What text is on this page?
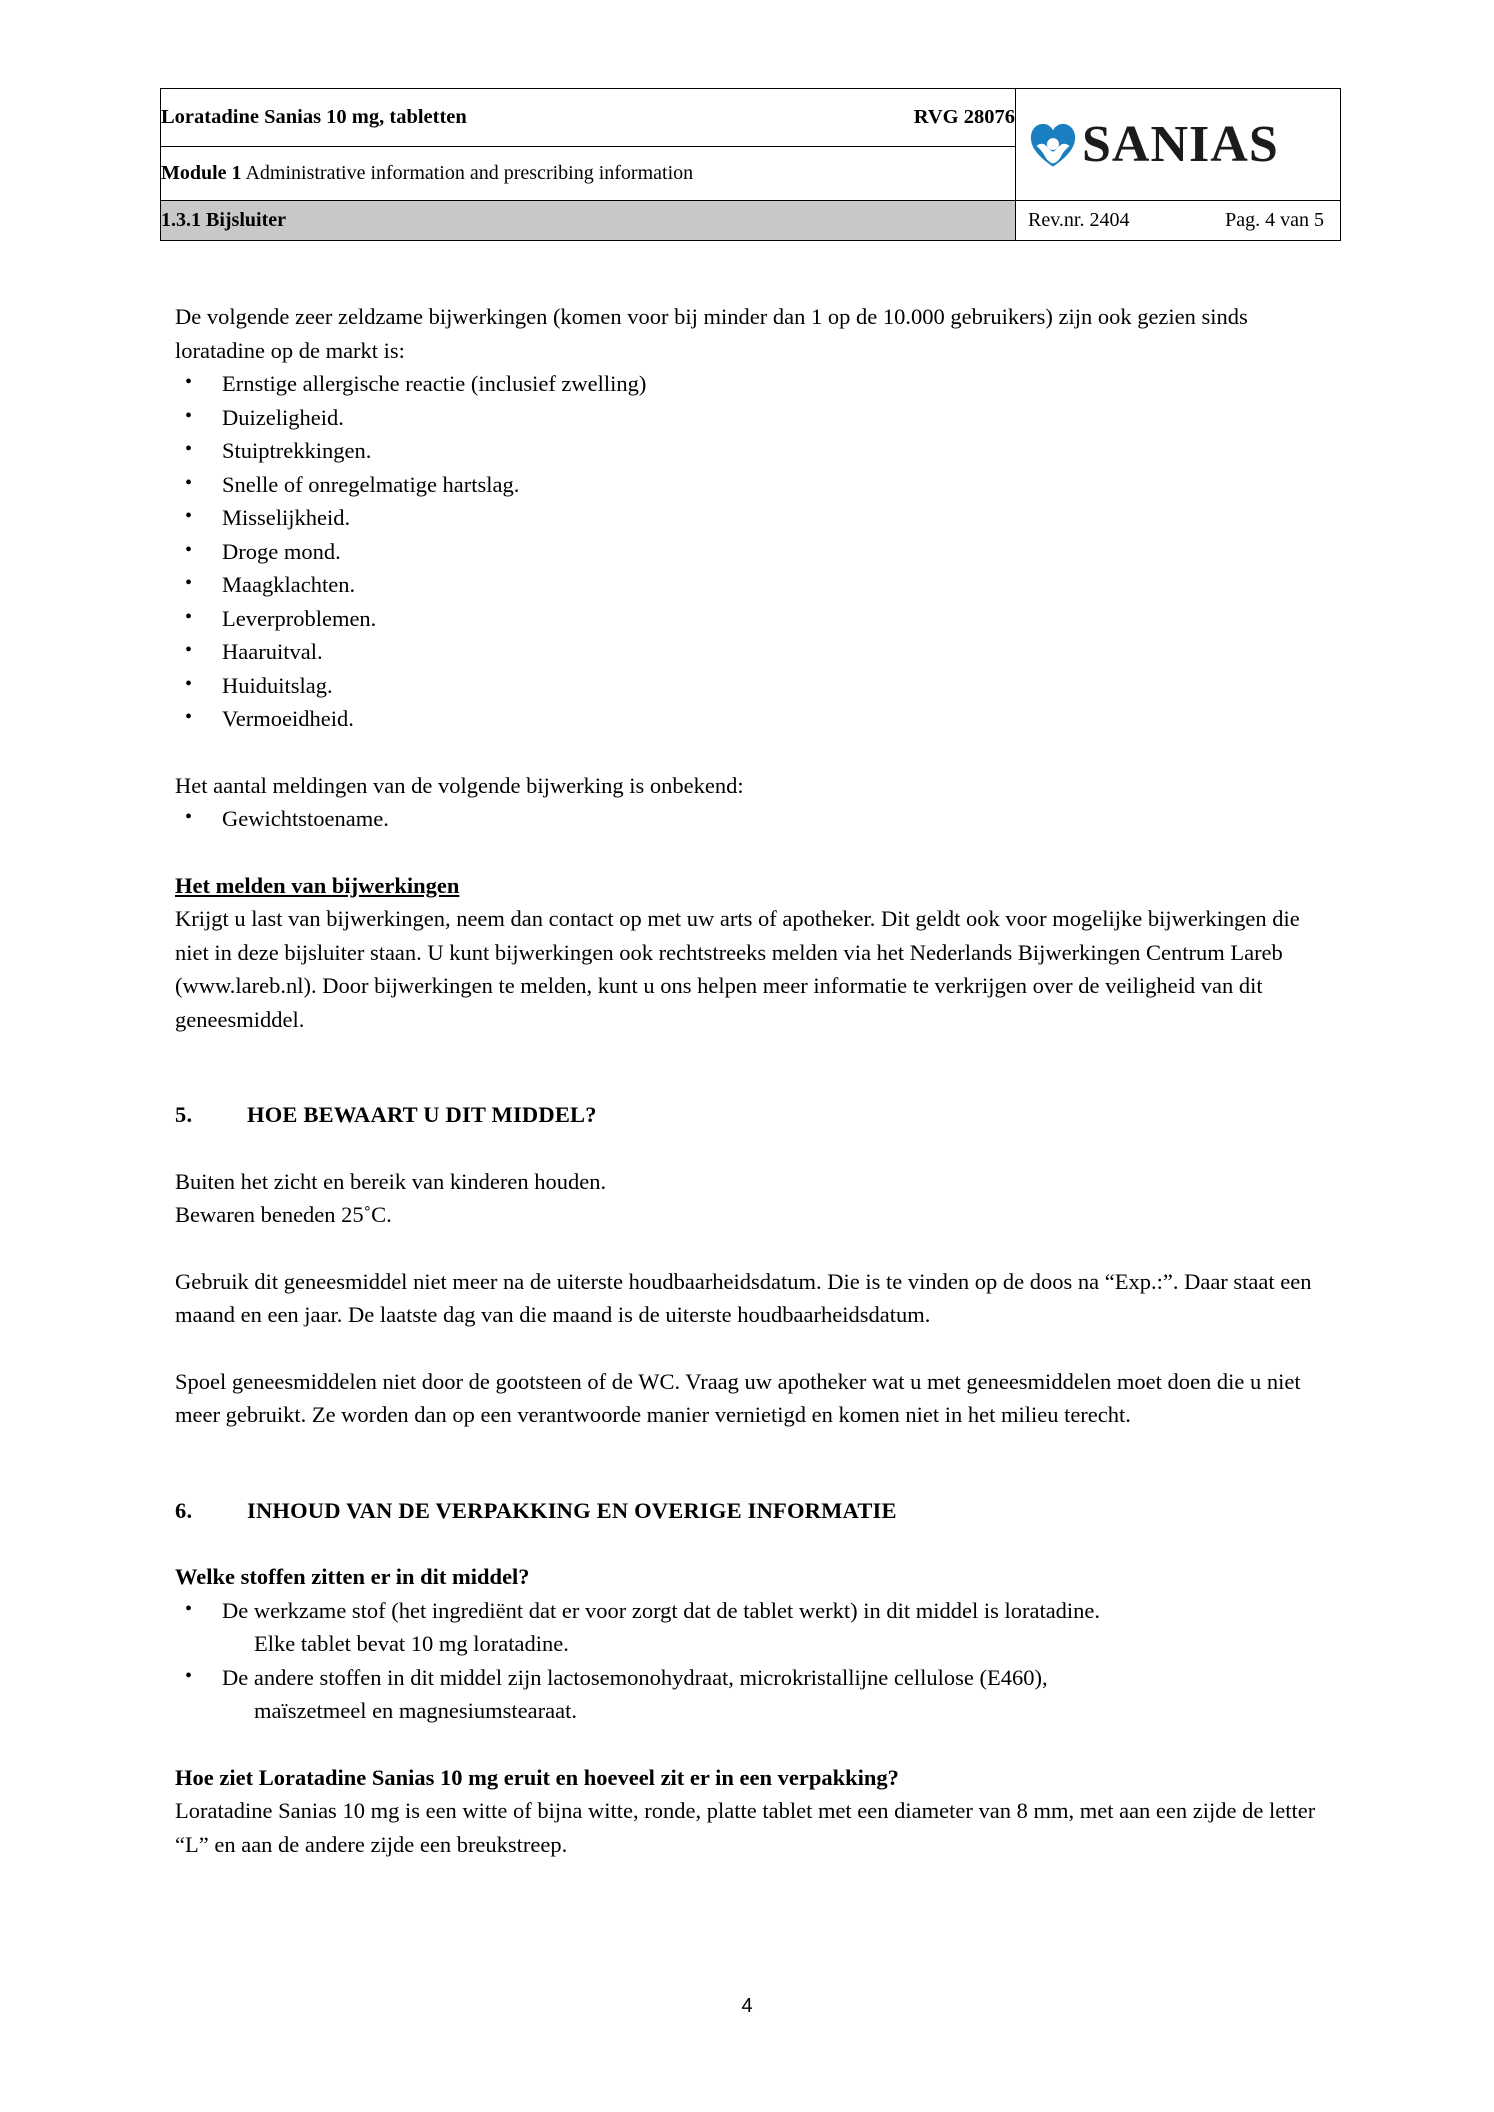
Loratadine Sanias 10 mg, tabletten RVG 28076	SANIAS

Module 1 Administrative information and prescribing information	

1.3.1 Bijsluiter	Rev.nr. 2404 Pag. 4 van 5

De volgende zeer zeldzame bijwerkingen (komen voor bij minder dan 1 op de 10.000 gebruikers) zijn ook gezien sinds loratadine op de markt is:

• Ernstige allergische reactie (inclusief zwelling)
• Duizeligheid.
• Stuiptrekkingen.
• Snelle of onregelmatige hartslag.
• Misselijkheid.
• Droge mond.
• Maagklachten.
• Leverproblemen.
• Haaruitval.
• Huiduitslag.
• Vermoeidheid.

Het aantal meldingen van de volgende bijwerking is onbekend:

• Gewichtstoename.
Het melden van bijwerkingen

Krijgt u last van bijwerkingen, neem dan contact op met uw arts of apotheker. Dit geldt ook voor mogelijke bijwerkingen die niet in deze bijsluiter staan. U kunt bijwerkingen ook rechtstreeks melden via het Nederlands Bijwerkingen Centrum Lareb (www.lareb.nl). Door bijwerkingen te melden, kunt u ons helpen meer informatie te verkrijgen over de veiligheid van dit geneesmiddel.

5.	HOE BEWAART U DIT MIDDEL?

Buiten het zicht en bereik van kinderen houden.

Bewaren beneden 25˚C.

Gebruik dit geneesmiddel niet meer na de uiterste houdbaarheidsdatum. Die is te vinden op de doos na “Exp.:”. Daar staat een maand en een jaar. De laatste dag van die maand is de uiterste houdbaarheidsdatum.

Spoel geneesmiddelen niet door de gootsteen of de WC. Vraag uw apotheker wat u met geneesmiddelen moet doen die u niet meer gebruikt. Ze worden dan op een verantwoorde manier vernietigd en komen niet in het milieu terecht.

6.	INHOUD VAN DE VERPAKKING EN OVERIGE INFORMATIE
Welke stoffen zitten er in dit middel?
• De werkzame stof (het ingrediënt dat er voor zorgt dat de tablet werkt) in dit middel is loratadine.
Elke tablet bevat 10 mg loratadine.
• De andere stoffen in dit middel zijn lactosemonohydraat, microkristallijne cellulose (E460),
maïszetmeel en magnesiumstearaat.
Hoe ziet Loratadine Sanias 10 mg eruit en hoeveel zit er in een verpakking?

Loratadine Sanias 10 mg is een witte of bijna witte, ronde, platte tablet met een diameter van 8 mm, met aan een zijde de letter “L” en aan de andere zijde een breukstreep.

4
